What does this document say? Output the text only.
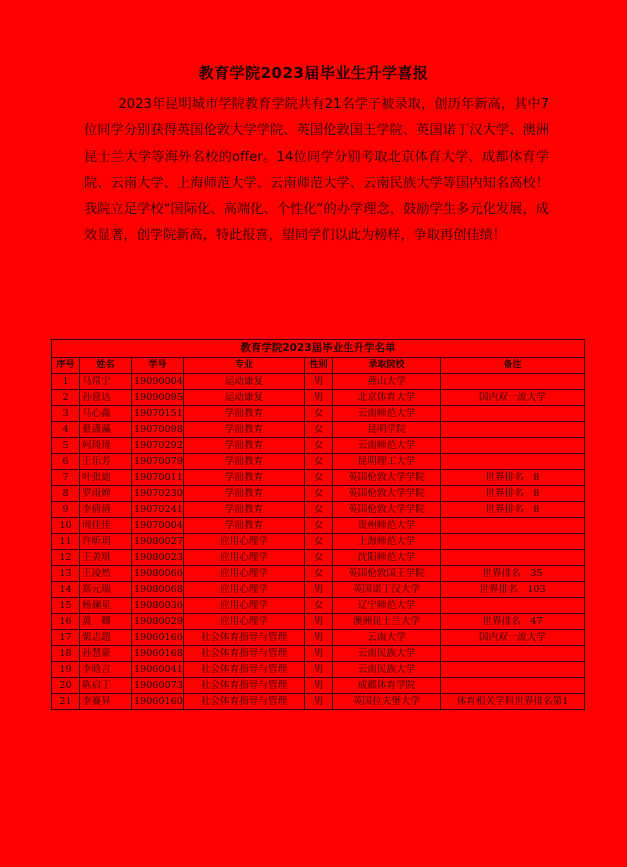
教育学院2023届毕业生升学喜报

2023年昆明城市学院教育学院共有21名学子被录取，创历年新高，其中7位同学分别获得英国伦敦大学学院、英国伦敦国王学院、英国诺丁汉大学、澳洲昆士兰大学等海外名校的offer。14位同学分别考取北京体育大学、成都体育学院、云南大学、上海师范大学、云南师范大学、云南民族大学等国内知名高校！我院立足学校“国际化、高端化、个性化”的办学理念，鼓励学生多元化发展，成效显著，创学院新高，特此报喜，望同学们以此为榜样，争取再创佳绩！

教育学院2023届毕业生升学名单						
序号	姓名	学号	专业	性别	录取院校	备注
1	马常宁	19090004	运动康复	男	燕山大学	
2	孙意达	19090095	运动康复	男	北京体育大学	国内双一流大学
3	马心淼	19070151	学前教育	女	云南师范大学	
4	蔡潇瀛	19070098	学前教育	女	昆明学院	
5	何琦琦	19070292	学前教育	女	云南师范大学	
6	王乐芳	19070079	学前教育	女	昆明理工大学	
7	叶张迪	19070011	学前教育	女	英国伦敦大学学院	世界排名　8
8	罗雨婵	19070230	学前教育	女	英国伦敦大学学院	世界排名　8
9	李倩倩	19070241	学前教育	女	英国伦敦大学学院	世界排名　8
10	周佳佳	19070004	学前教育	女	贵州师范大学	
11	许昕玥	19080027	应用心理学	女	上海师范大学	
12	王美琪	19080023	应用心理学	女	沈阳师范大学	
13	王凌然	19080066	应用心理学	女	英国伦敦国王学院	世界排名　35
14	郑元瑞	19080068	应用心理学	男	英国诺丁汉大学	世界排名　103
15	杨澜星	19080036	应用心理学	女	辽宁师范大学	
16	黄　卿	19080029	应用心理学	男	澳洲昆士兰大学	世界排名　47
17	栗志超	19060166	社会体育指导与管理	男	云南大学	国内双一流大学
18	孙慧豪	19060168	社会体育指导与管理	男	云南民族大学	
19	李晗言	19060041	社会体育指导与管理	男	云南民族大学	
20	陈启丁	19060073	社会体育指导与管理	男	成都体育学院	
21	李赛昇	19060160	社会体育指导与管理	男	英国拉夫堡大学	体育相关学科世界排名第1
